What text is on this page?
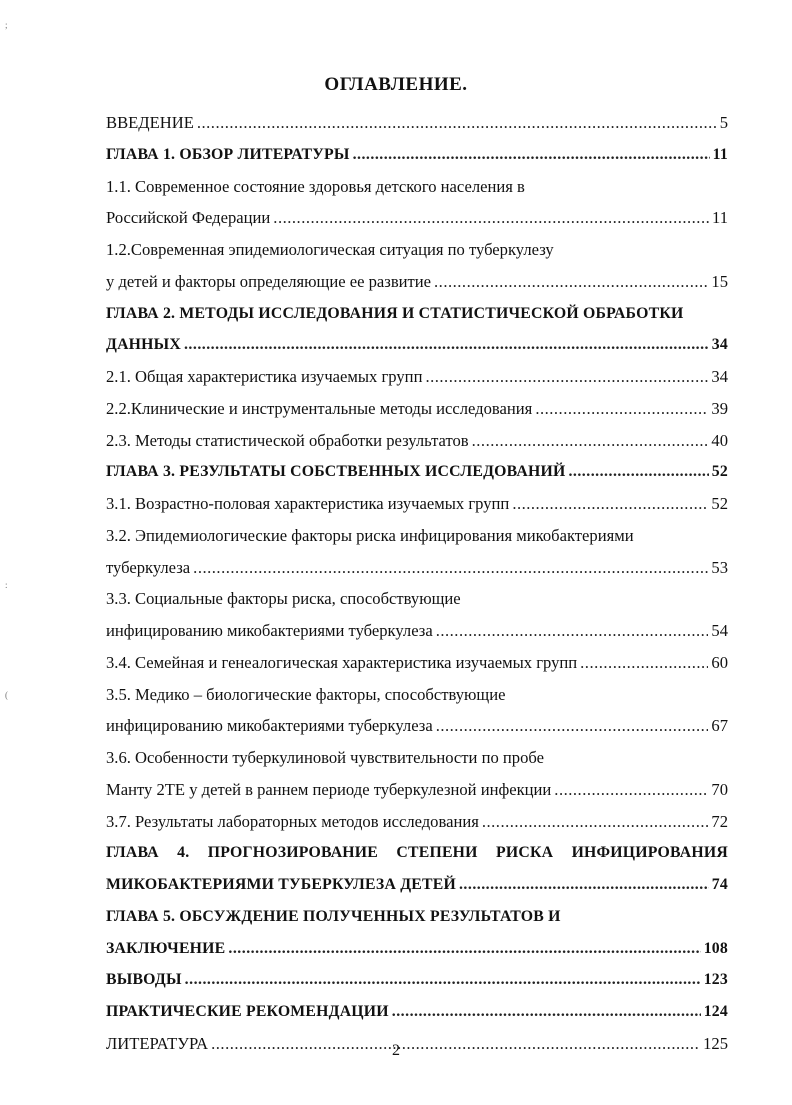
ОГЛАВЛЕНИЕ.
ВВЕДЕНИЕ .....	5
ГЛАВА 1. ОБЗОР ЛИТЕРАТУРЫ .....	11
1.1. Современное состояние здоровья детского населения в
Российской Федерации .....	11
1.2.Современная эпидемиологическая ситуация по туберкулезу
у детей и факторы определяющие ее развитие .....	15
ГЛАВА 2. МЕТОДЫ ИССЛЕДОВАНИЯ И СТАТИСТИЧЕСКОЙ ОБРАБОТКИ
ДАННЫХ .....	34
2.1. Общая характеристика изучаемых групп .....	34
2.2.Клинические и инструментальные методы исследования .....	39
2.3. Методы статистической обработки результатов .....	40
ГЛАВА 3. РЕЗУЛЬТАТЫ СОБСТВЕННЫХ ИССЛЕДОВАНИЙ .....	52
3.1. Возрастно-половая характеристика изучаемых групп .....	52
3.2. Эпидемиологические факторы риска инфицирования микобактериями
туберкулеза .....	53
3.3. Социальные факторы риска, способствующие
инфицированию микобактериями туберкулеза .....	54
3.4. Семейная и генеалогическая характеристика изучаемых групп .....	60
3.5. Медико – биологические факторы, способствующие
инфицированию микобактериями туберкулеза .....	67
3.6. Особенности туберкулиновой чувствительности по пробе
Манту 2ТЕ у детей в раннем периоде туберкулезной инфекции .....	70
3.7. Результаты лабораторных методов исследования .....	72
ГЛАВА 4. ПРОГНОЗИРОВАНИЕ СТЕПЕНИ РИСКА ИНФИЦИРОВАНИЯ
МИКОБАКТЕРИЯМИ ТУБЕРКУЛЕЗА ДЕТЕЙ .....	74
ГЛАВА 5. ОБСУЖДЕНИЕ ПОЛУЧЕННЫХ РЕЗУЛЬТАТОВ И
ЗАКЛЮЧЕНИЕ .....	108
ВЫВОДЫ .....	123
ПРАКТИЧЕСКИЕ РЕКОМЕНДАЦИИ .....	124
ЛИТЕРАТУРА .....	125
2
;
:
(
